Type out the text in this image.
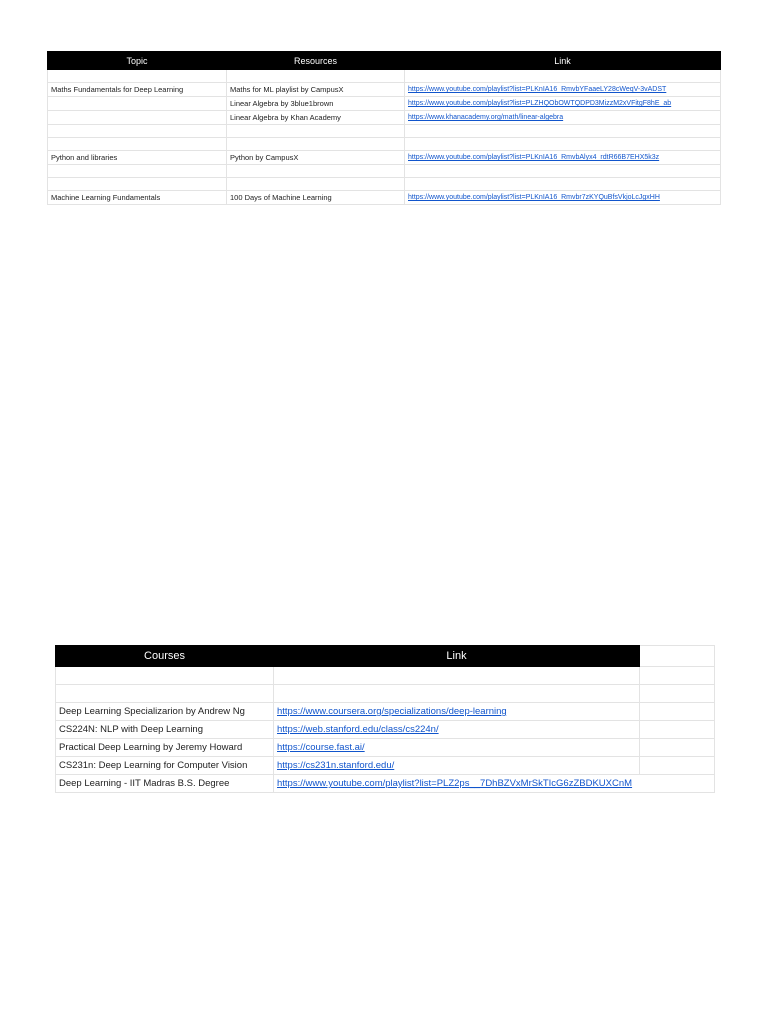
Topic	Resources	Link

Maths Fundamentals for Deep Learning	Maths for ML playlist by CampusX	https://www.youtube.com/playlist?list=PLKnIA16_RmvbYFaaeLY28cWeqV-3vADST
	Linear Algebra by 3blue1brown	https://www.youtube.com/playlist?list=PLZHQObOWTQDPD3MizzM2xVFitgF8hE_ab
	Linear Algebra by Khan Academy	https://www.khanacademy.org/math/linear-algebra

Python and libraries	Python by CampusX	https://www.youtube.com/playlist?list=PLKnIA16_RmvbAlyx4_rdtR66B7EHX5k3z

Machine Learning Fundamentals	100 Days of Machine Learning	https://www.youtube.com/playlist?list=PLKnIA16_Rmvbr7zKYQuBfsVkjoLcJgxHH
Courses	Link	

Deep Learning Specializarion by Andrew Ng	https://www.coursera.org/specializations/deep-learning	
CS224N: NLP with Deep Learning	https://web.stanford.edu/class/cs224n/	
Practical Deep Learning by Jeremy Howard	https://course.fast.ai/	
CS231n: Deep Learning for Computer Vision	https://cs231n.stanford.edu/	
Deep Learning - IIT Madras B.S. Degree	https://www.youtube.com/playlist?list=PLZ2ps__7DhBZVxMrSkTIcG6zZBDKUXCnM	
